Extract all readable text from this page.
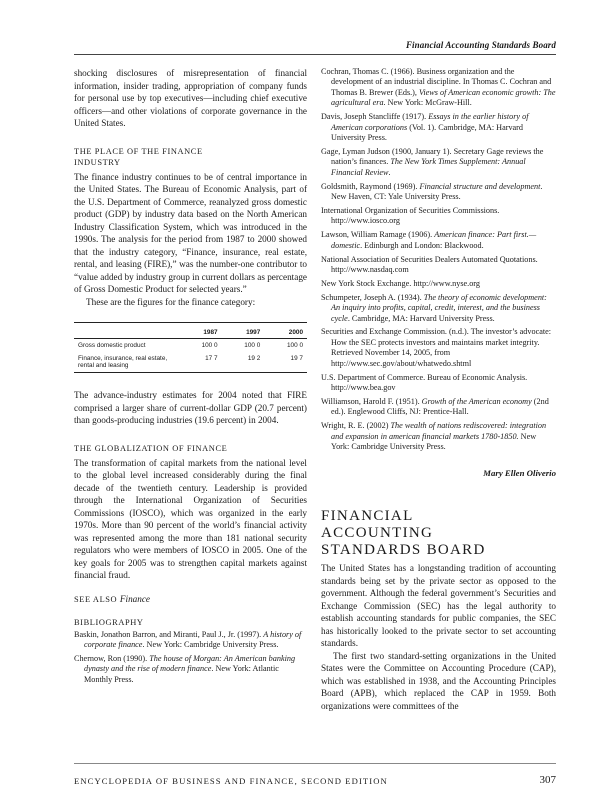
Financial Accounting Standards Board

shocking disclosures of misrepresentation of financial information, insider trading, appropriation of company funds for personal use by top executives—including chief executive officers—and other violations of corporate governance in the United States.

THE PLACE OF THE FINANCE
INDUSTRY

The finance industry continues to be of central importance in the United States. The Bureau of Economic Analysis, part of the U.S. Department of Commerce, reanalyzed gross domestic product (GDP) by industry data based on the North American Industry Classification System, which was introduced in the 1990s. The analysis for the period from 1987 to 2000 showed that the industry category, “Finance, insurance, real estate, rental, and leasing (FIRE),” was the number-one contributor to “value added by industry group in current dollars as percentage of Gross Domestic Product for selected years.”

These are the figures for the finance category:

	1987	1997	2000
Gross domestic product	100 0	100 0	100 0
Finance, insurance, real estate, rental and leasing	17 7	19 2	19 7

The advance-industry estimates for 2004 noted that FIRE comprised a larger share of current-dollar GDP (20.7 percent) than goods-producing industries (19.6 percent) in 2004.

THE GLOBALIZATION OF FINANCE

The transformation of capital markets from the national level to the global level increased considerably during the final decade of the twentieth century. Leadership is provided through the International Organization of Securities Commissions (IOSCO), which was organized in the early 1970s. More than 90 percent of the world’s financial activity was represented among the more than 181 national security regulators who were members of IOSCO in 2005. One of the key goals for 2005 was to strengthen capital markets against financial fraud.

SEE ALSO Finance
BIBLIOGRAPHY

Baskin, Jonathon Barron, and Miranti, Paul J., Jr. (1997). A history of corporate finance. New York: Cambridge University Press.

Chernow, Ron (1990). The house of Morgan: An American banking dynasty and the rise of modern finance. New York: Atlantic Monthly Press.

Cochran, Thomas C. (1966). Business organization and the development of an industrial discipline. In Thomas C. Cochran and Thomas B. Brewer (Eds.), Views of American economic growth: The agricultural era. New York: McGraw-Hill.

Davis, Joseph Stancliffe (1917). Essays in the earlier history of American corporations (Vol. 1). Cambridge, MA: Harvard University Press.

Gage, Lyman Judson (1900, January 1). Secretary Gage reviews the nation’s finances. The New York Times Supplement: Annual Financial Review.

Goldsmith, Raymond (1969). Financial structure and development. New Haven, CT: Yale University Press.

International Organization of Securities Commissions. http://www.iosco.org

Lawson, William Ramage (1906). American finance: Part first.—domestic. Edinburgh and London: Blackwood.

National Association of Securities Dealers Automated Quotations. http://www.nasdaq.com

New York Stock Exchange. http://www.nyse.org

Schumpeter, Joseph A. (1934). The theory of economic development: An inquiry into profits, capital, credit, interest, and the business cycle. Cambridge, MA: Harvard University Press.

Securities and Exchange Commission. (n.d.). The investor’s advocate: How the SEC protects investors and maintains market integrity. Retrieved November 14, 2005, from http://www.sec.gov/about/whatwedo.shtml

U.S. Department of Commerce. Bureau of Economic Analysis. http://www.bea.gov

Williamson, Harold F. (1951). Growth of the American economy (2nd ed.). Englewood Cliffs, NJ: Prentice-Hall.

Wright, R. E. (2002) The wealth of nations rediscovered: integration and expansion in american financial markets 1780-1850. New York: Cambridge University Press.

Mary Ellen Oliverio
FINANCIAL
ACCOUNTING
STANDARDS BOARD

The United States has a longstanding tradition of accounting standards being set by the private sector as opposed to the government. Although the federal government’s Securities and Exchange Commission (SEC) has the legal authority to establish accounting standards for public companies, the SEC has historically looked to the private sector to set accounting standards.

The first two standard-setting organizations in the United States were the Committee on Accounting Procedure (CAP), which was established in 1938, and the Accounting Principles Board (APB), which replaced the CAP in 1959. Both organizations were committees of the

ENCYCLOPEDIA OF BUSINESS AND FINANCE, SECOND EDITION	307
